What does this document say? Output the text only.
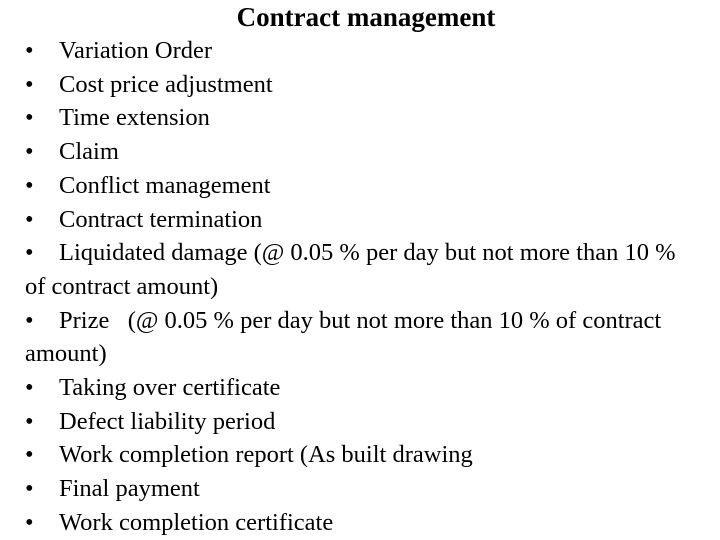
Contract management
• Variation Order
• Cost price adjustment
• Time extension
• Claim
• Conflict management
• Contract termination
• Liquidated damage (@ 0.05 % per day but not more than 10 % of contract amount)
• Prize   (@ 0.05 % per day but not more than 10 % of contract amount)
• Taking over certificate
• Defect liability period
• Work completion report (As built drawing
• Final payment
• Work completion certificate
